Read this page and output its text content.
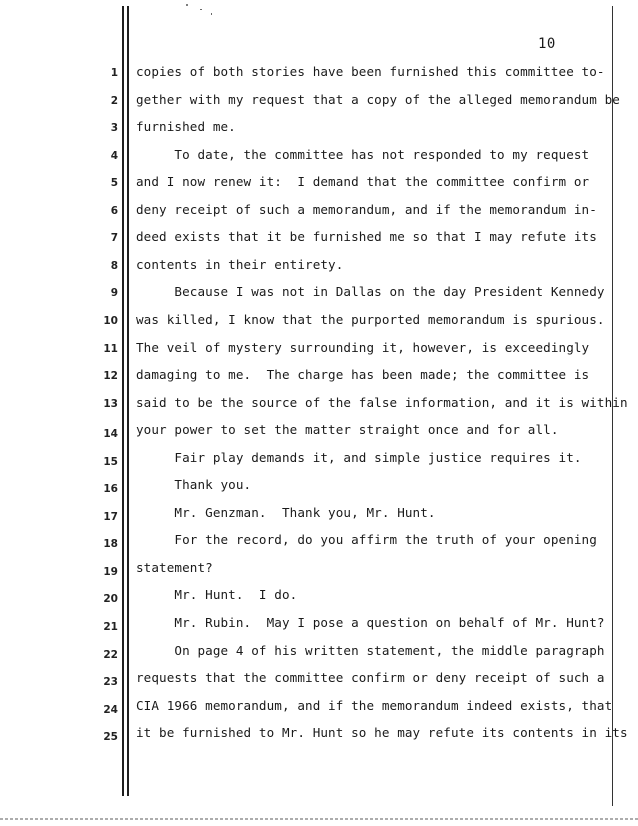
10
1 copies of both stories have been furnished this committee to-
2 gether with my request that a copy of the alleged memorandum be
3 furnished me.
4 To date, the committee has not responded to my request
5 and I now renew it:  I demand that the committee confirm or
6 deny receipt of such a memorandum, and if the memorandum in-
7 deed exists that it be furnished me so that I may refute its
8 contents in their entirety.
9 Because I was not in Dallas on the day President Kennedy
10 was killed, I know that the purported memorandum is spurious.
11 The veil of mystery surrounding it, however, is exceedingly
12 damaging to me.  The charge has been made; the committee is
13 said to be the source of the false information, and it is within
14 your power to set the matter straight once and for all.
15 Fair play demands it, and simple justice requires it.
16 Thank you.
17 Mr. Genzman.  Thank you, Mr. Hunt.
18 For the record, do you affirm the truth of your opening
19 statement?
20 Mr. Hunt.  I do.
21 Mr. Rubin.  May I pose a question on behalf of Mr. Hunt?
22 On page 4 of his written statement, the middle paragraph
23 requests that the committee confirm or deny receipt of such a
24 CIA 1966 memorandum, and if the memorandum indeed exists, that
25 it be furnished to Mr. Hunt so he may refute its contents in its
